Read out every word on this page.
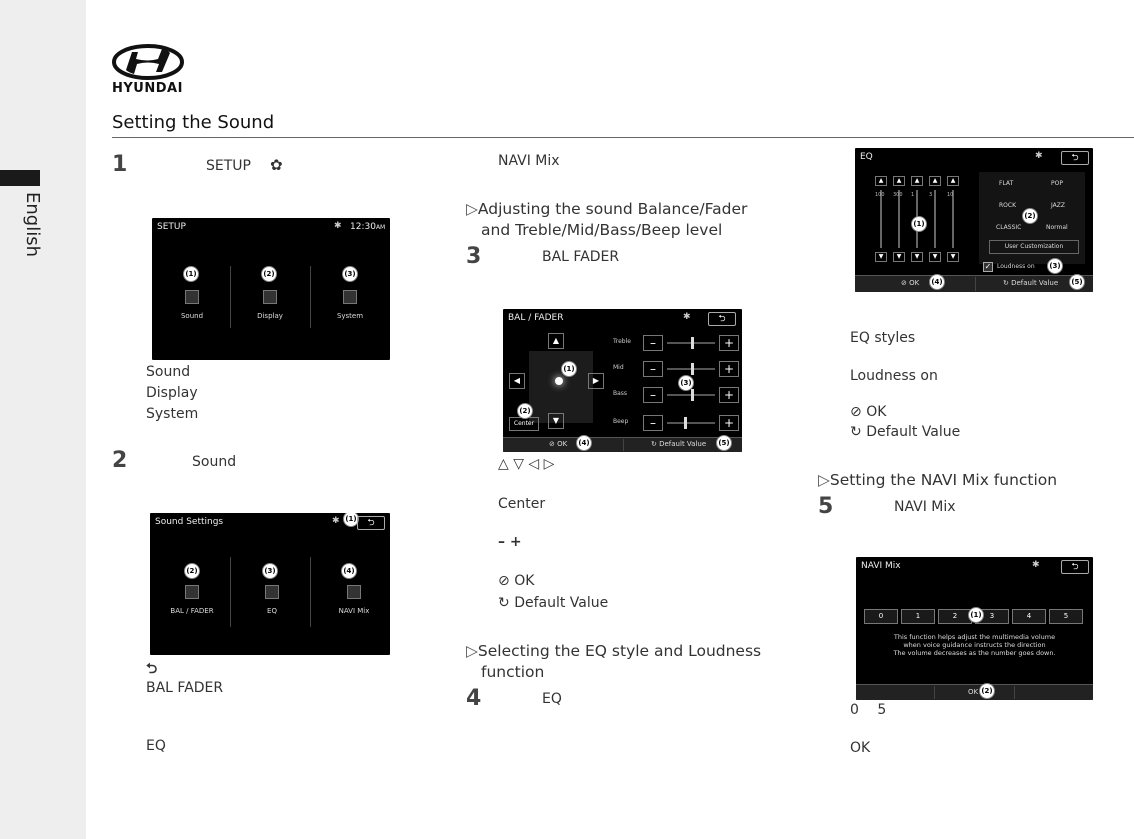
English
HYUNDAI
Setting the Sound
1	SETUP ✿
SETUP	✱ 12:30AM
(1)	(2)	(3)
Sound	Display	System
Sound
Display
System
2	Sound
Sound Settings	✱ (1)	⮌
(2)	(3)	(4)
BAL / FADER	EQ	NAVI Mix
⮌
BAL FADER
EQ
NAVI Mix
▷Adjusting the sound Balance/Fader
and Treble/Mid/Bass/Beep level
3	BAL FADER
BAL / FADER	✱	⮌
▲
▼
◀	▶
Center
(1)
(2)
Treble	–	+
Mid	–	+
Bass	–	+
Beep	–	+
(3)
⊘ OK	↻ Default Value
(4)	(5)
△ ▽ ◁ ▷
Center
– +
⊘ OK
↻ Default Value
▷Selecting the EQ style and Loudness
function
4	EQ
EQ	✱	⮌
▲
▼
100
▲
▼
300
▲
▼
1
▲
▼
3
▲
▼
10
(1)
FLAT	POP
ROCK	JAZZ
CLASSIC	Normal
(2)
User Customization
✓ Loudness on	(3)
⊘ OK	↻ Default Value
(4)	(5)
EQ styles
Loudness on
⊘ OK
↻ Default Value
▷Setting the NAVI Mix function
5	NAVI Mix
NAVI Mix	✱	⮌
0	1	2	3	4	5
(1)
This function helps adjust the multimedia volume
when voice guidance instructs the direction
The volume decreases as the number goes down.
OK (2)
0 5
OK
